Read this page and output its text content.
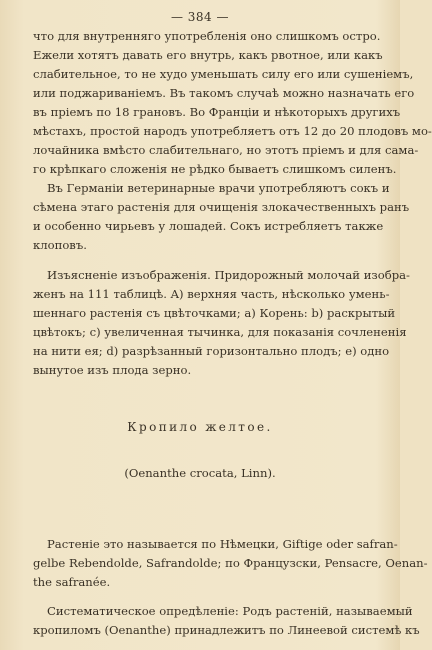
— 384 —
что для внутренняго употребленія оно слишкомъ остро.
Ежели хотятъ давать его внутрь, какъ рвотное, или какъ
слабительное, то не худо уменьшать силу его или сушеніемъ,
или поджариваніемъ. Въ такомъ случаѣ можно назначать его
въ пріемъ по 18 грановъ. Во Франціи и нѣкоторыхъ другихъ
мѣстахъ, простой народъ употребляетъ отъ 12 до 20 плодовъ мо-
лочайника вмѣсто слабительнаго, но этотъ пріемъ и для сама-
го крѣпкаго сложенія не рѣдко бываетъ слишкомъ силенъ.
Въ Германіи ветеринарные врачи употребляютъ сокъ и
сѣмена этаго растенія для очищенія злокачественныхъ ранъ
и особенно чирьевъ у лошадей. Сокъ истребляетъ также
клоповъ.
Изъясненіе изъображенія. Придорожный молочай изобра-
женъ на 111 таблицѣ. A) верхняя часть, нѣсколько умень-
шеннаго растенія съ цвѣточками; a) Корень: b) раскрытый
цвѣтокъ; c) увеличенная тычинка, для показанія сочлененія
на нити ея; d) разрѣзанный горизонтально плодъ; e) одно
вынутое изъ плода зерно.
Кропило желтое.
(Oenanthe crocata, Linn).
Растеніе это называется по Нѣмецки, Giftige oder safran-
gelbe Rebendolde, Safrandolde; по Французски, Pensacre, Oenan-
the safranée.
Систематическое опредѣленіе: Родъ растеній, называемый
кропиломъ (Oenanthe) принадлежитъ по Линеевой системѣ къ
